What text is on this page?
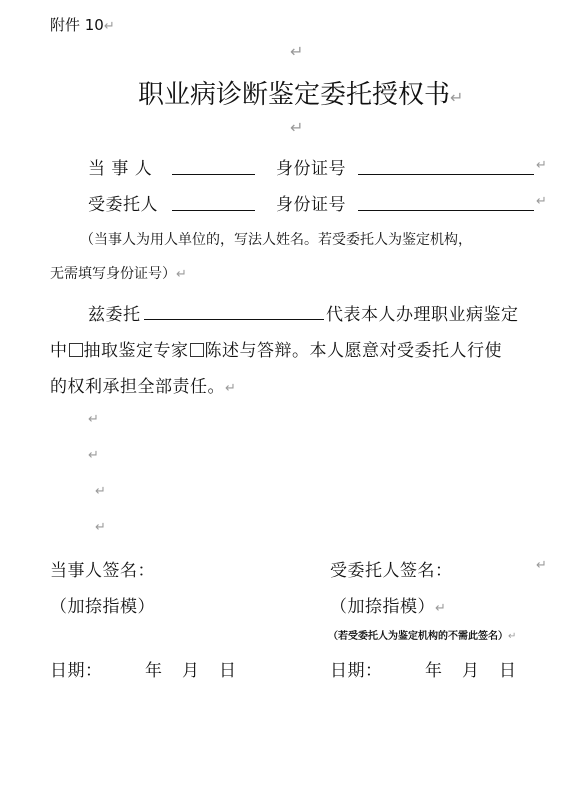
附件 10↵
↵
职业病诊断鉴定委托授权书↵
↵
当 事 人	身份证号	↵
受委托人	身份证号	↵
（当事人为用人单位的，写法人姓名。若受委托人为鉴定机构，
无需填写身份证号）↵
兹委托	代表本人办理职业病鉴定
中 抽取鉴定专家 陈述与答辩。本人愿意对受委托人行使
的权利承担全部责任。↵
↵
↵
↵
↵
当事人签名：	受委托人签名：	↵
（加捺指模）	（加捺指模）↵
（若受委托人为鉴定机构的不需此签名）↵
日期：	年 月 日	日期：	年 月 日
